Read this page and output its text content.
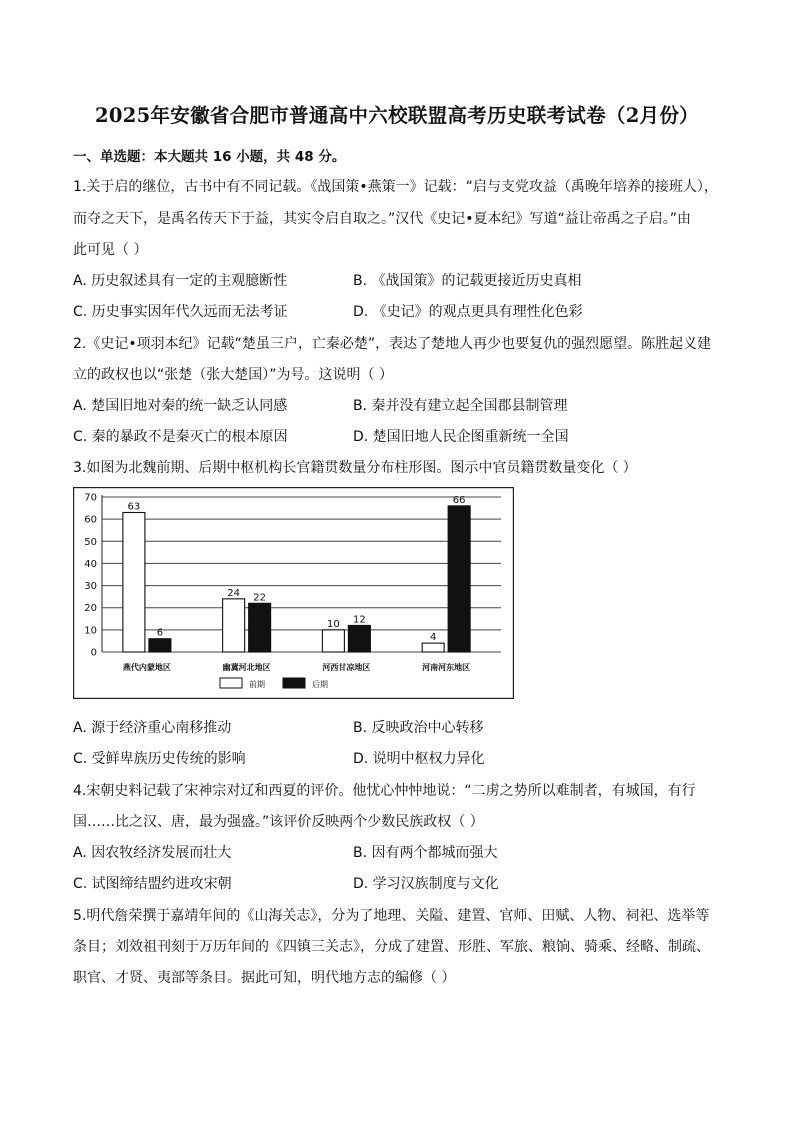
2025年安徽省合肥市普通高中六校联盟高考历史联考试卷（2月份）
一、单选题：本大题共 16 小题，共 48 分。
1.关于启的继位，古书中有不同记载。《战国策•燕策一》记载：“启与支党攻益（禹晚年培养的接班人），
而夺之天下，是禹名传天下于益，其实令启自取之。”汉代《史记•夏本纪》写道“益让帝禹之子启。”由
此可见（ ）
A. 历史叙述具有一定的主观臆断性	B. 《战国策》的记载更接近历史真相
C. 历史事实因年代久远而无法考证	D. 《史记》的观点更具有理性化色彩
2.《史记•项羽本纪》记载“楚虽三户，亡秦必楚”，表达了楚地人再少也要复仇的强烈愿望。陈胜起义建
立的政权也以“张楚（张大楚国）”为号。这说明（ ）
A. 楚国旧地对秦的统一缺乏认同感	B. 秦并没有建立起全国郡县制管理
C. 秦的暴政不是秦灭亡的根本原因	D. 楚国旧地人民企图重新统一全国
3.如图为北魏前期、后期中枢机构长官籍贯数量分布柱形图。图示中官员籍贯数量变化（ ）
0
10
20
30
40
50
60
70
63
6
燕代内蒙地区
24 22
幽冀河北地区
10 12
河西甘凉地区
4
66
河南河东地区
前期	后期
A. 源于经济重心南移推动	B. 反映政治中心转移
C. 受鲜卑族历史传统的影响	D. 说明中枢权力异化
4.宋朝史料记载了宋神宗对辽和西夏的评价。他忧心忡忡地说：“二虏之势所以难制者，有城国，有行
国……比之汉、唐，最为强盛。”该评价反映两个少数民族政权（ ）
A. 因农牧经济发展而壮大	B. 因有两个都城而强大
C. 试图缔结盟约进攻宋朝	D. 学习汉族制度与文化
5.明代詹荣撰于嘉靖年间的《山海关志》，分为了地理、关隘、建置、官师、田赋、人物、祠祀、选举等
条目；刘效祖刊刻于万历年间的《四镇三关志》，分成了建置、形胜、军旅、粮饷、骑乘、经略、制疏、
职官、才贤、夷部等条目。据此可知，明代地方志的编修（ ）
